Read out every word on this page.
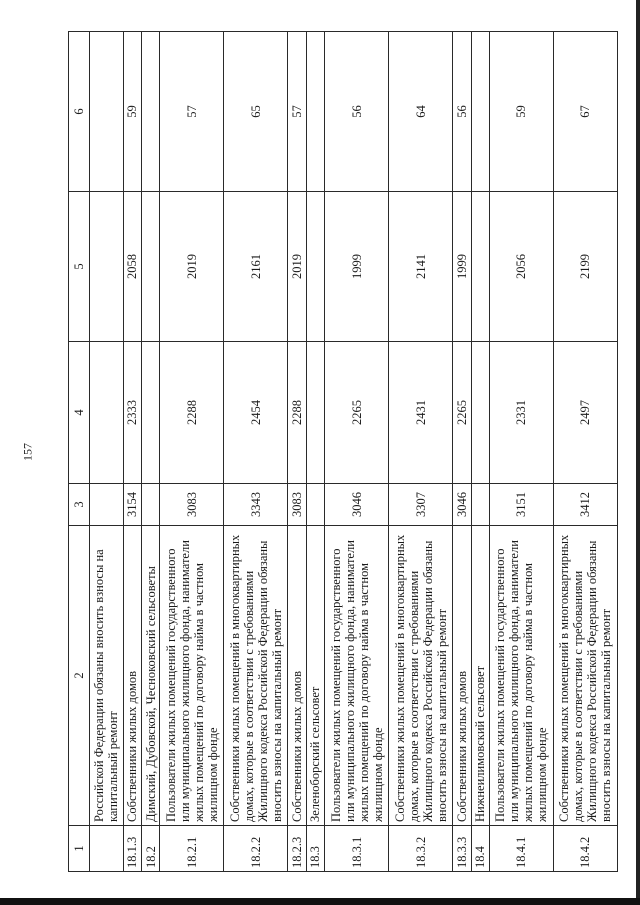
157
1	2	3	4	5	6
	Российской Федерации обязаны вносить взносы на капитальный ремонт				
18.1.3	Собственники жилых домов	3154	2333	2058	59
18.2	Димский, Дубовской, Чесноковский сельсоветы				
18.2.1	Пользователи жилых помещений государственного или муниципального жилищного фонда, наниматели жилых помещений по договору найма в частном жилищном фонде	3083	2288	2019	57
18.2.2	Собственники жилых помещений в многоквартирных домах, которые в соответствии с требованиями Жилищного кодекса Российской Федерации обязаны вносить взносы на капитальный ремонт	3343	2454	2161	65
18.2.3	Собственники жилых домов	3083	2288	2019	57
18.3	Зеленоборский сельсовет				
18.3.1	Пользователи жилых помещений государственного или муниципального жилищного фонда, наниматели жилых помещений по договору найма в частном жилищном фонде	3046	2265	1999	56
18.3.2	Собственники жилых помещений в многоквартирных домах, которые в соответствии с требованиями Жилищного кодекса Российской Федерации обязаны вносить взносы на капитальный ремонт	3307	2431	2141	64
18.3.3	Собственники жилых домов	3046	2265	1999	56
18.4	Нижнеилимовский сельсовет				
18.4.1	Пользователи жилых помещений государственного или муниципального жилищного фонда, наниматели жилых помещений по договору найма в частном жилищном фонде	3151	2331	2056	59
18.4.2	Собственники жилых помещений в многоквартирных домах, которые в соответствии с требованиями Жилищного кодекса Российской Федерации обязаны вносить взносы на капитальный ремонт	3412	2497	2199	67
